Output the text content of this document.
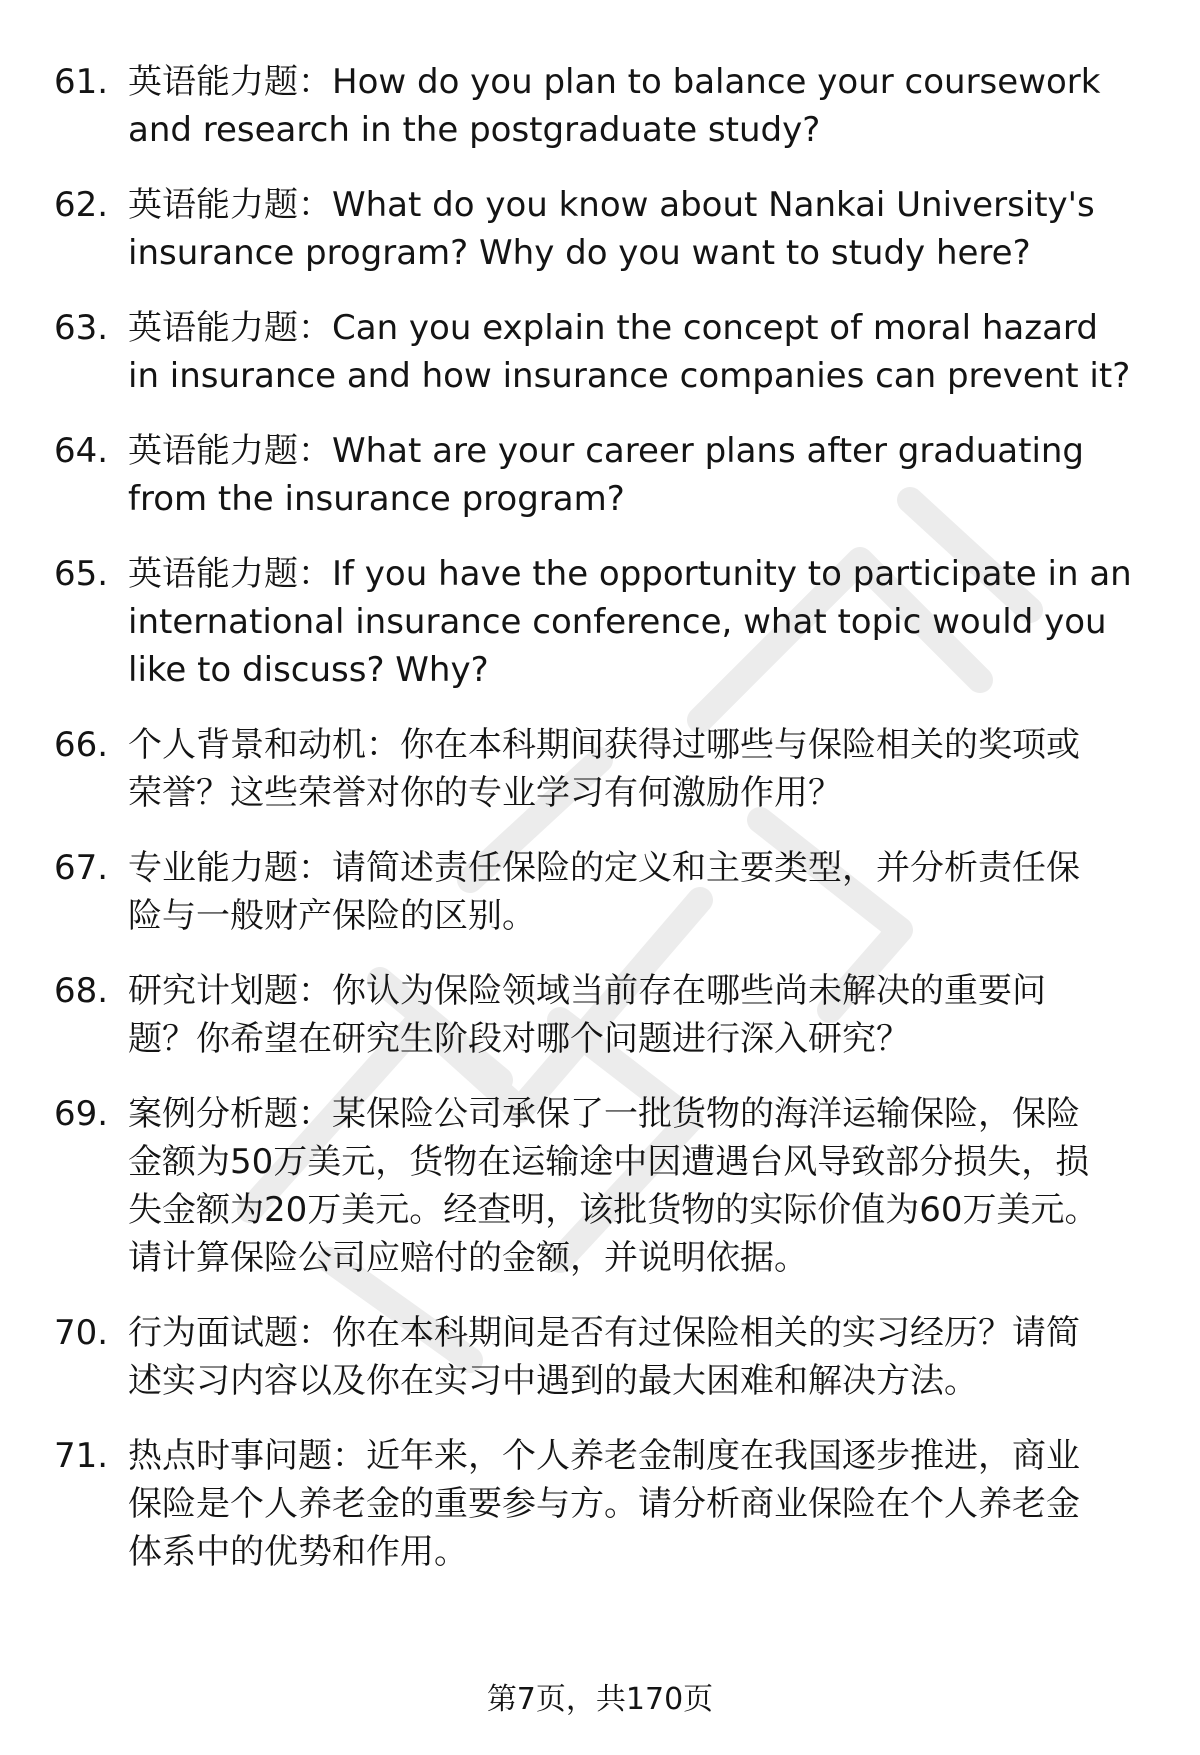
61. 英语能力题：How do you plan to balance your coursework
and research in the postgraduate study?
62. 英语能力题：What do you know about Nankai University's
insurance program? Why do you want to study here?
63. 英语能力题：Can you explain the concept of moral hazard
in insurance and how insurance companies can prevent it?
64. 英语能力题：What are your career plans after graduating
from the insurance program?
65. 英语能力题：If you have the opportunity to participate in an
international insurance conference, what topic would you
like to discuss? Why?
66. 个人背景和动机：你在本科期间获得过哪些与保险相关的奖项或
荣誉？这些荣誉对你的专业学习有何激励作用？
67. 专业能力题：请简述责任保险的定义和主要类型，并分析责任保
险与一般财产保险的区别。
68. 研究计划题：你认为保险领域当前存在哪些尚未解决的重要问
题？你希望在研究生阶段对哪个问题进行深入研究？
69. 案例分析题：某保险公司承保了一批货物的海洋运输保险，保险
金额为50万美元，货物在运输途中因遭遇台风导致部分损失，损
失金额为20万美元。经查明，该批货物的实际价值为60万美元。
请计算保险公司应赔付的金额，并说明依据。
70. 行为面试题：你在本科期间是否有过保险相关的实习经历？请简
述实习内容以及你在实习中遇到的最大困难和解决方法。
71. 热点时事问题：近年来，个人养老金制度在我国逐步推进，商业
保险是个人养老金的重要参与方。请分析商业保险在个人养老金
体系中的优势和作用。
第7页，共170页
